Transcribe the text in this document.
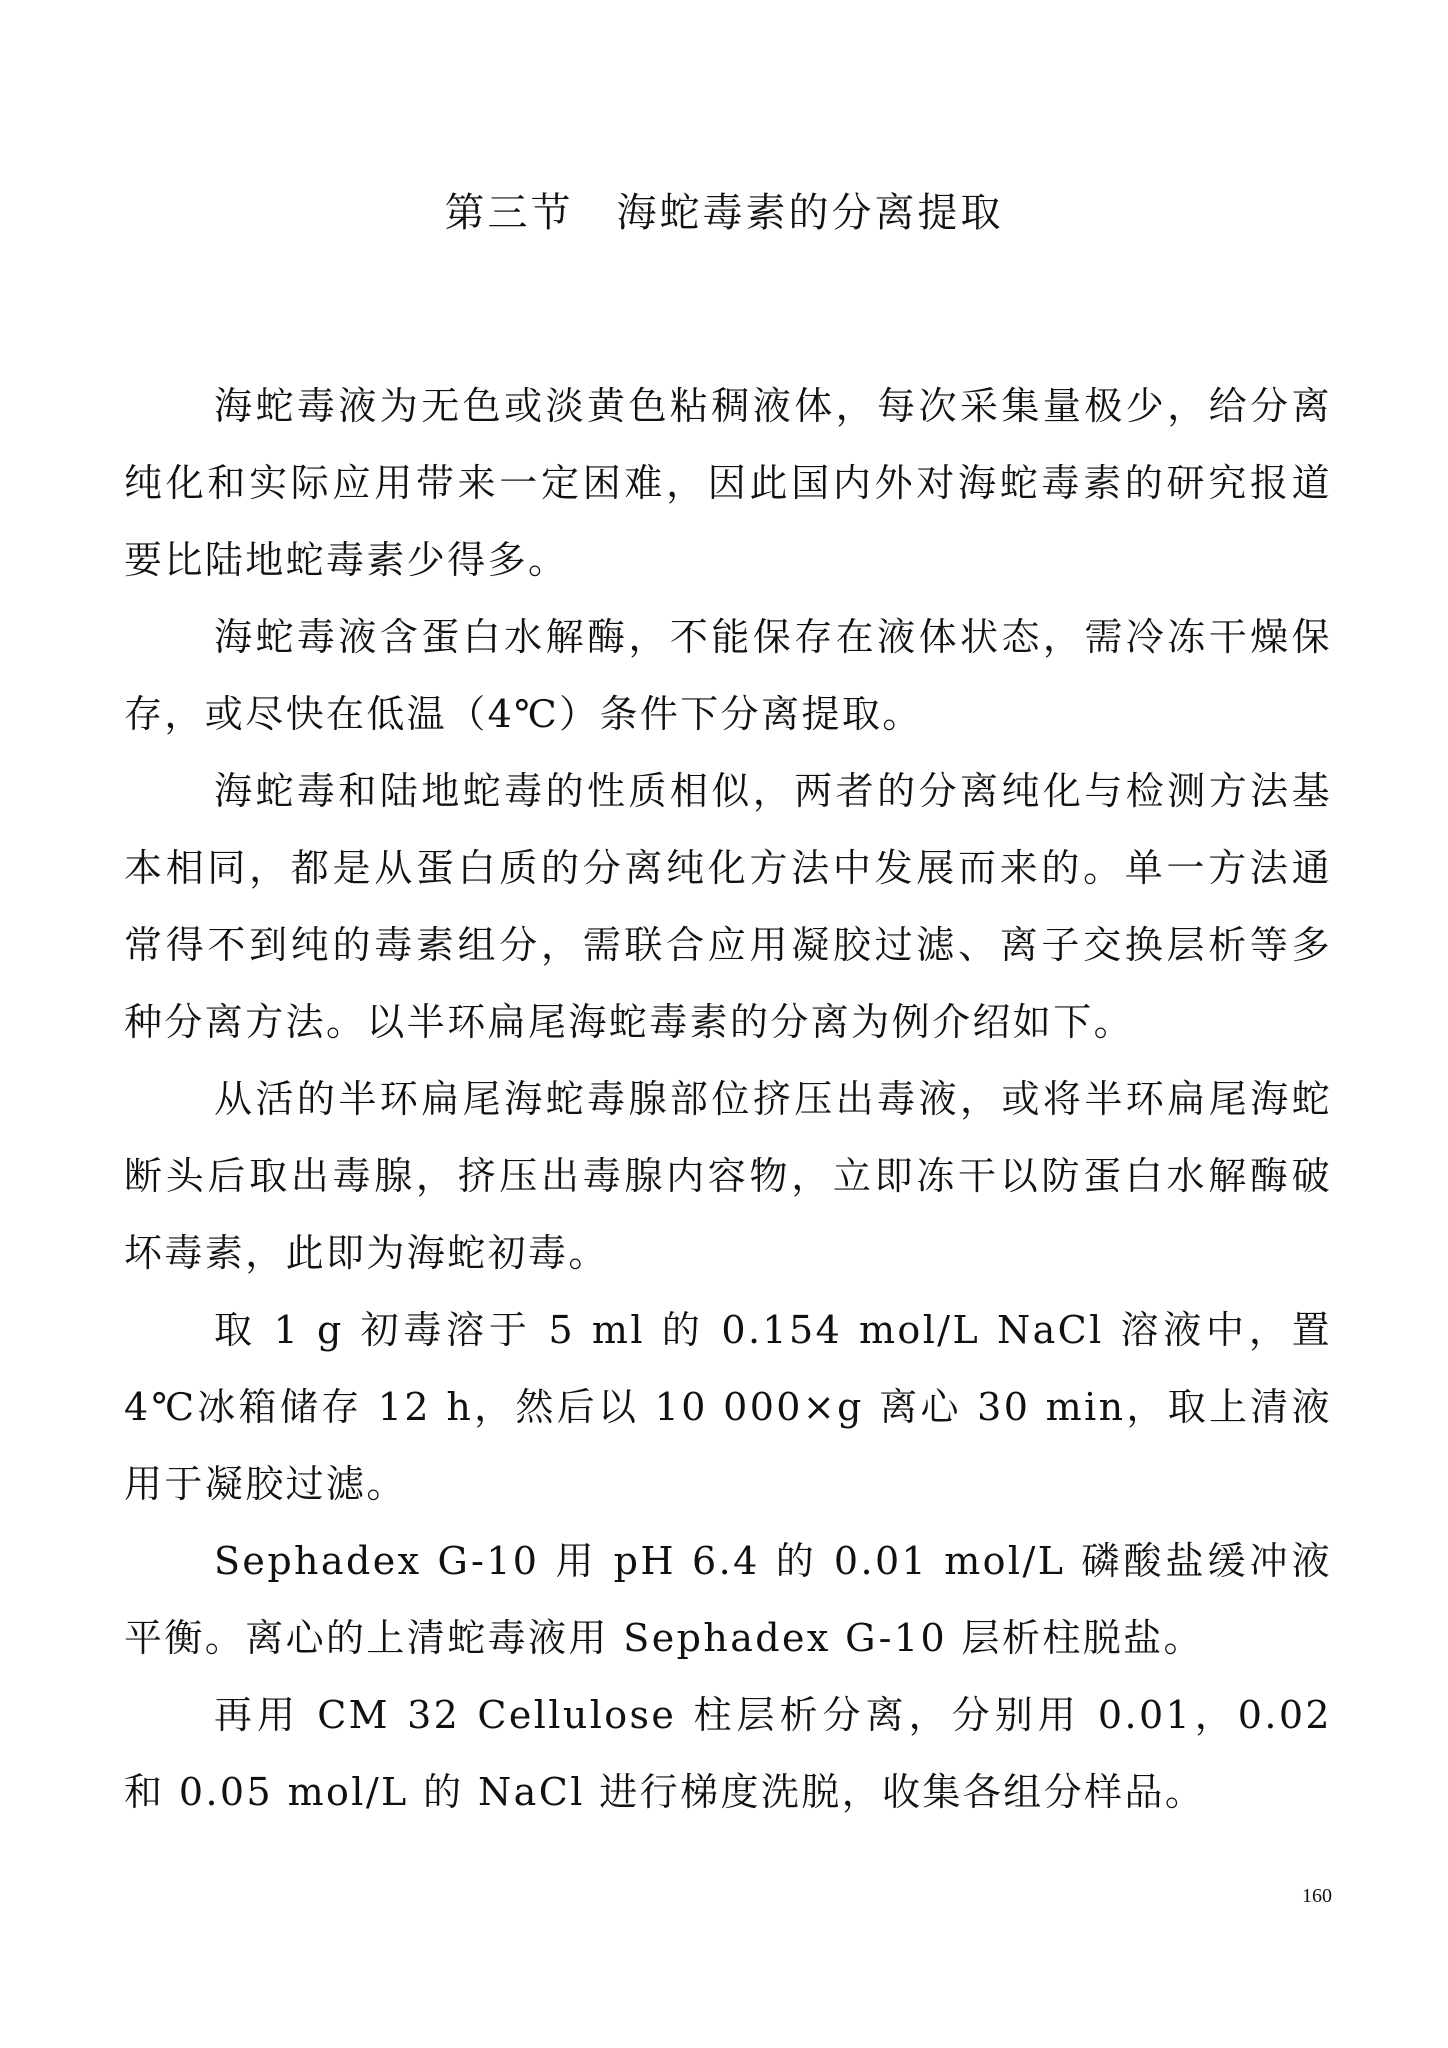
第三节　海蛇毒素的分离提取

海蛇毒液为无色或淡黄色粘稠液体，每次采集量极少，给分离纯化和实际应用带来一定困难，因此国内外对海蛇毒素的研究报道要比陆地蛇毒素少得多。

海蛇毒液含蛋白水解酶，不能保存在液体状态，需冷冻干燥保存，或尽快在低温（4℃）条件下分离提取。

海蛇毒和陆地蛇毒的性质相似，两者的分离纯化与检测方法基本相同，都是从蛋白质的分离纯化方法中发展而来的。单一方法通常得不到纯的毒素组分，需联合应用凝胶过滤、离子交换层析等多种分离方法。以半环扁尾海蛇毒素的分离为例介绍如下。

从活的半环扁尾海蛇毒腺部位挤压出毒液，或将半环扁尾海蛇断头后取出毒腺，挤压出毒腺内容物，立即冻干以防蛋白水解酶破坏毒素，此即为海蛇初毒。

取 1 g 初毒溶于 5 ml 的 0.154 mol/L NaCl 溶液中，置 4℃冰箱储存 12 h，然后以 10 000×g 离心 30 min，取上清液用于凝胶过滤。

Sephadex G-10 用 pH 6.4 的 0.01 mol/L 磷酸盐缓冲液平衡。离心的上清蛇毒液用 Sephadex G-10 层析柱脱盐。

再用 CM 32 Cellulose 柱层析分离，分别用 0.01，0.02 和 0.05 mol/L 的 NaCl 进行梯度洗脱，收集各组分样品。

160
